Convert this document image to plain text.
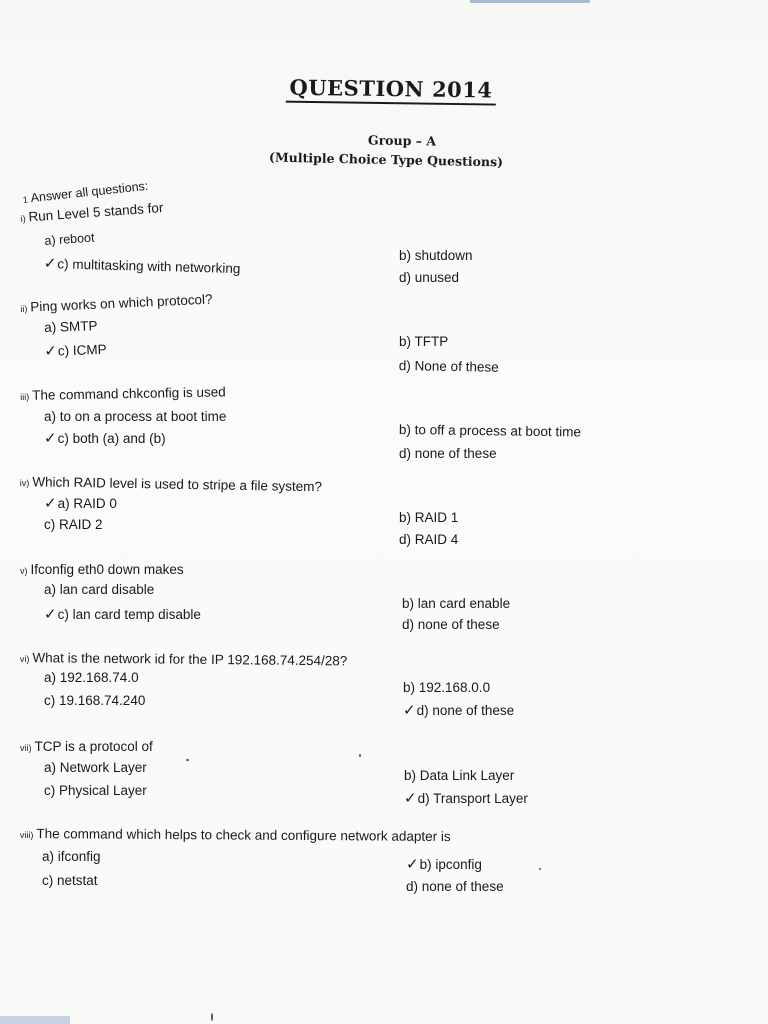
QUESTION 2014
Group – A
(Multiple Choice Type Questions)
1 Answer all questions:
i) Run Level 5 stands for
a) reboot
✓c) multitasking with networking
b) shutdown
d) unused
ii) Ping works on which protocol?
a) SMTP
✓c) ICMP
b) TFTP
d) None of these
iii) The command chkconfig is used
a) to on a process at boot time
✓c) both (a) and (b)	b) to off a process at boot time
d) none of these
iv) Which RAID level is used to stripe a file system?
✓a) RAID 0
c) RAID 2	b) RAID 1
d) RAID 4
v) Ifconfig eth0 down makes
a) lan card disable
✓c) lan card temp disable
b) lan card enable
d) none of these
vi) What is the network id for the IP 192.168.74.254/28?
a) 192.168.74.0
c) 19.168.74.240
b) 192.168.0.0
✓d) none of these
vii) TCP is a protocol of
a) Network Layer
c) Physical Layer
b) Data Link Layer
✓d) Transport Layer
viii) The command which helps to check and configure network adapter is
a) ifconfig
c) netstat
✓b) ipconfig
d) none of these
